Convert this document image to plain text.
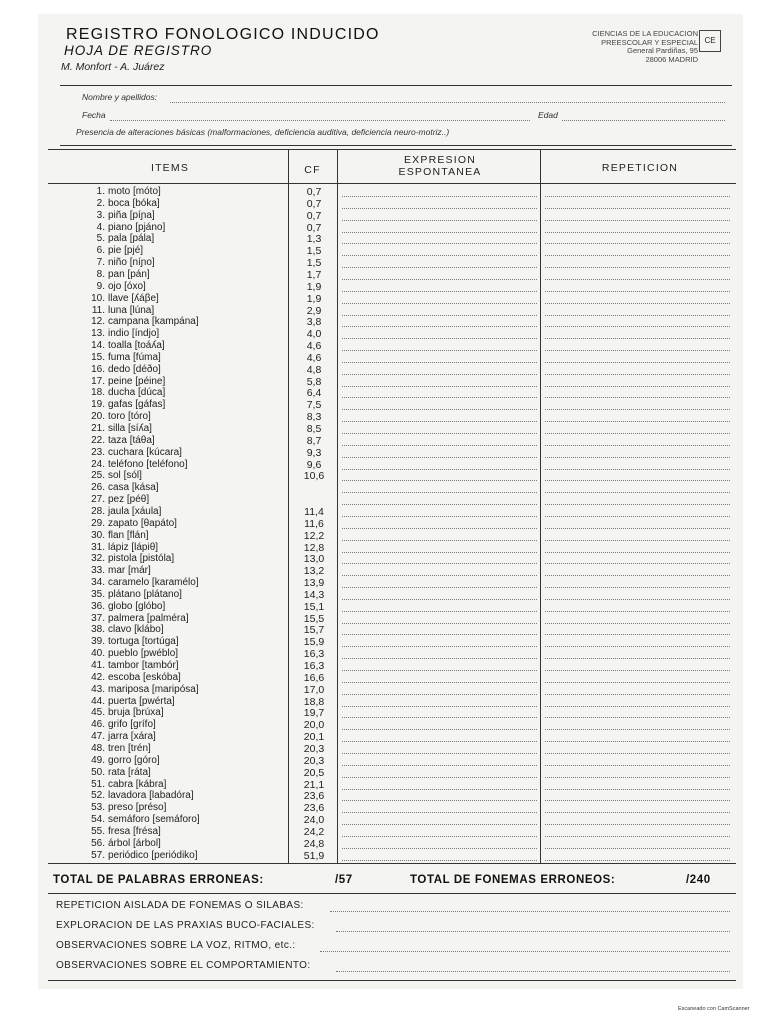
REGISTRO FONOLOGICO INDUCIDO
HOJA DE REGISTRO
M. Monfort - A. Juárez
CIENCIAS DE LA EDUCACION
PREESCOLAR Y ESPECIAL
General Pardiñas, 95
28006 MADRID
CE
Nombre y apellidos:
Fecha	Edad
Presencia de alteraciones básicas (malformaciones, deficiencia auditiva, deficiencia neuro-motriz..)
ITEMS	CF
EXPRESION ESPONTANEA	REPETICION
1. moto [móto]	0,7
2. boca [bóka]	0,7
3. piña [píɲa]	0,7
4. piano [pjáno]	0,7
5. pala [pála]	1,3
6. pie [pjé]	1,5
7. niño [níɲo]	1,5
8. pan [pán]	1,7
9. ojo [óxo]	1,9
10. llave [ʎáβe]	1,9
11. luna [lúna]	2,9
12. campana [kampána]	3,8
13. indio [índjo]	4,0
14. toalla [toáʎa]	4,6
15. fuma [fúma]	4,6
16. dedo [déðo]	4,8
17. peine [péine]	5,8
18. ducha [dúca]	6,4
19. gafas [gáfas]	7,5
20. toro [tóro]	8,3
21. silla [síʎa]	8,5
22. taza [táθa]	8,7
23. cuchara [kúcara]	9,3
24. teléfono [teléfono]	9,6
25. sol [sól]	10,6
26. casa [kása]
27. pez [péθ]
28. jaula [xáula]	11,4
29. zapato [θapáto]	11,6
30. flan [flán]	12,2
31. lápiz [lápiθ]	12,8
32. pistola [pistóla]	13,0
33. mar [már]	13,2
34. caramelo [karamélo]	13,9
35. plátano [plátano]	14,3
36. globo [glóbo]	15,1
37. palmera [palméra]	15,5
38. clavo [klábo]	15,7
39. tortuga [tortúga]	15,9
40. pueblo [pwéblo]	16,3
41. tambor [tambór]	16,3
42. escoba [eskóba]	16,6
43. mariposa [maripósa]	17,0
44. puerta [pwérta]	18,8
45. bruja [brúxa]	19,7
46. grifo [grífo]	20,0
47. jarra [xára]	20,1
48. tren [trén]	20,3
49. gorro [góro]	20,3
50. rata [ráta]	20,5
51. cabra [kábra]	21,1
52. lavadora [labadóra]	23,6
53. preso [préso]	23,6
54. semáforo [semáforo]	24,0
55. fresa [frésa]	24,2
56. árbol [árbol]	24,8
57. periódico [periódiko]	51,9
TOTAL DE PALABRAS ERRONEAS:	/57	TOTAL DE FONEMAS ERRONEOS:	/240
REPETICION AISLADA DE FONEMAS O SILABAS:
EXPLORACION DE LAS PRAXIAS BUCO-FACIALES:
OBSERVACIONES SOBRE LA VOZ, RITMO, etc.:
OBSERVACIONES SOBRE EL COMPORTAMIENTO:
Escaneado con CamScanner
